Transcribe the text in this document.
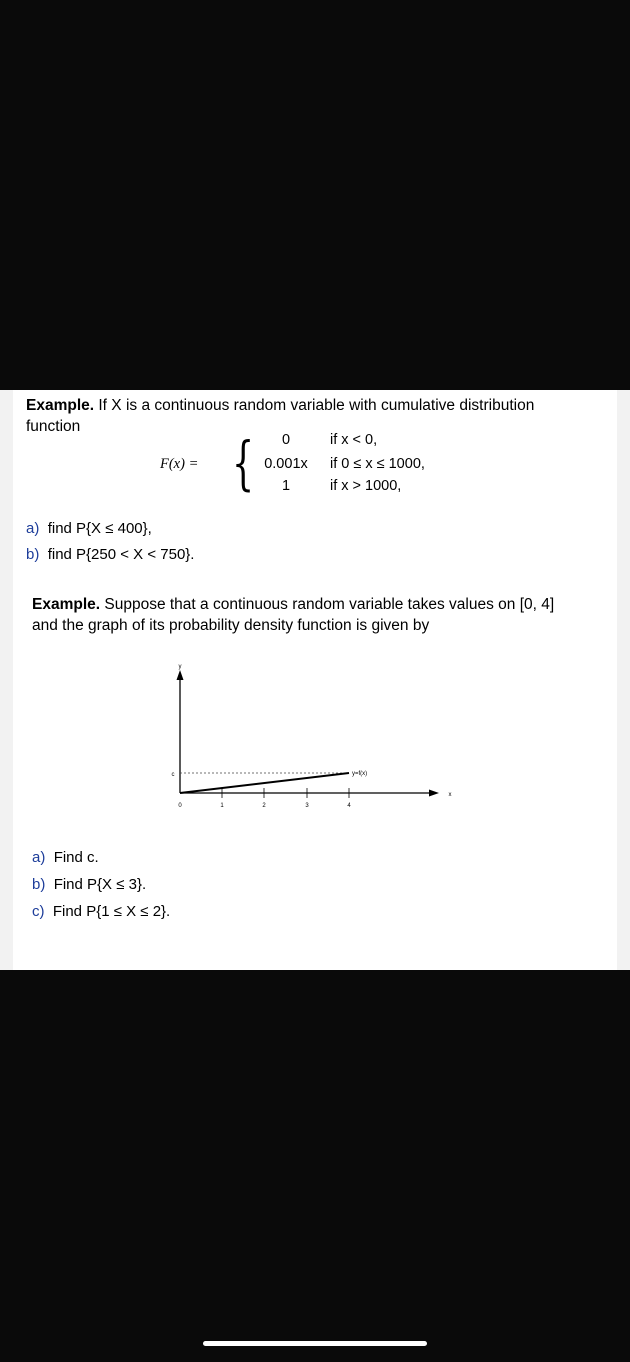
Example. If X is a continuous random variable with cumulative distribution
function
F(x) = {	0	if x < 0,
0.001x	if 0 ≤ x ≤ 1000,
1	if x > 1000,
a) find P{X ≤ 400},
b) find P{250 < X < 750}.
Example. Suppose that a continuous random variable takes values on [0, 4]
and the graph of its probability density function is given by
y
x
c	y=f(x)
0	1	2	3	4
a) Find c.
b) Find P{X ≤ 3}.
c) Find P{1 ≤ X ≤ 2}.
